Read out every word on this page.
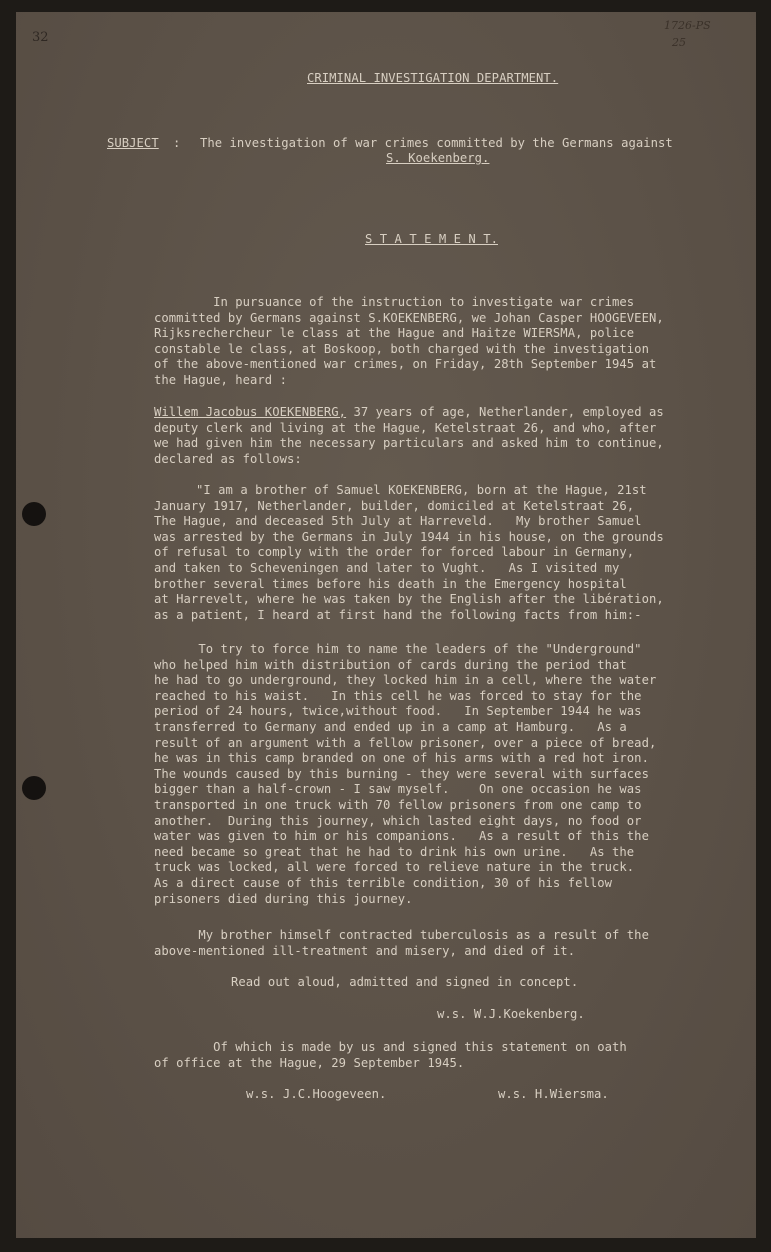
32
1726-PS
25
CRIMINAL INVESTIGATION DEPARTMENT.
SUBJECT : The investigation of war crimes committed by the Germans against
S. Koekenberg.
S T A T E M E N T.

In pursuance of the instruction to investigate war crimes

committed by Germans against S.KOEKENBERG, we Johan Casper HOOGEVEEN,

Rijksrechercheur le class at the Hague and Haitze WIERSMA, police

constable le class, at Boskoop, both charged with the investigation

of the above-mentioned war crimes, on Friday, 28th September 1945 at

the Hague, heard :

Willem Jacobus KOEKENBERG, 37 years of age, Netherlander, employed as

deputy clerk and living at the Hague, Ketelstraat 26, and who, after

we had given him the necessary particulars and asked him to continue,

declared as follows:

"I am a brother of Samuel KOEKENBERG, born at the Hague, 21st

January 1917, Netherlander, builder, domiciled at Ketelstraat 26,

The Hague, and deceased 5th July at Harreveld.   My brother Samuel

was arrested by the Germans in July 1944 in his house, on the grounds

of refusal to comply with the order for forced labour in Germany,

and taken to Scheveningen and later to Vught.   As I visited my

brother several times before his death in the Emergency hospital

at Harrevelt, where he was taken by the English after the libération,

as a patient, I heard at first hand the following facts from him:-

To try to force him to name the leaders of the "Underground"

who helped him with distribution of cards during the period that

he had to go underground, they locked him in a cell, where the water

reached to his waist.   In this cell he was forced to stay for the

period of 24 hours, twice,without food.   In September 1944 he was

transferred to Germany and ended up in a camp at Hamburg.   As a

result of an argument with a fellow prisoner, over a piece of bread,

he was in this camp branded on one of his arms with a red hot iron.

The wounds caused by this burning - they were several with surfaces

bigger than a half-crown - I saw myself.    On one occasion he was

transported in one truck with 70 fellow prisoners from one camp to

another.  During this journey, which lasted eight days, no food or

water was given to him or his companions.   As a result of this the

need became so great that he had to drink his own urine.   As the

truck was locked, all were forced to relieve nature in the truck.

As a direct cause of this terrible condition, 30 of his fellow

prisoners died during this journey.

My brother himself contracted tuberculosis as a result of the

above-mentioned ill-treatment and misery, and died of it.

Read out aloud, admitted and signed in concept.
w.s. W.J.Koekenberg.

Of which is made by us and signed this statement on oath

of office at the Hague, 29 September 1945.

w.s. J.C.Hoogeveen.	w.s. H.Wiersma.
